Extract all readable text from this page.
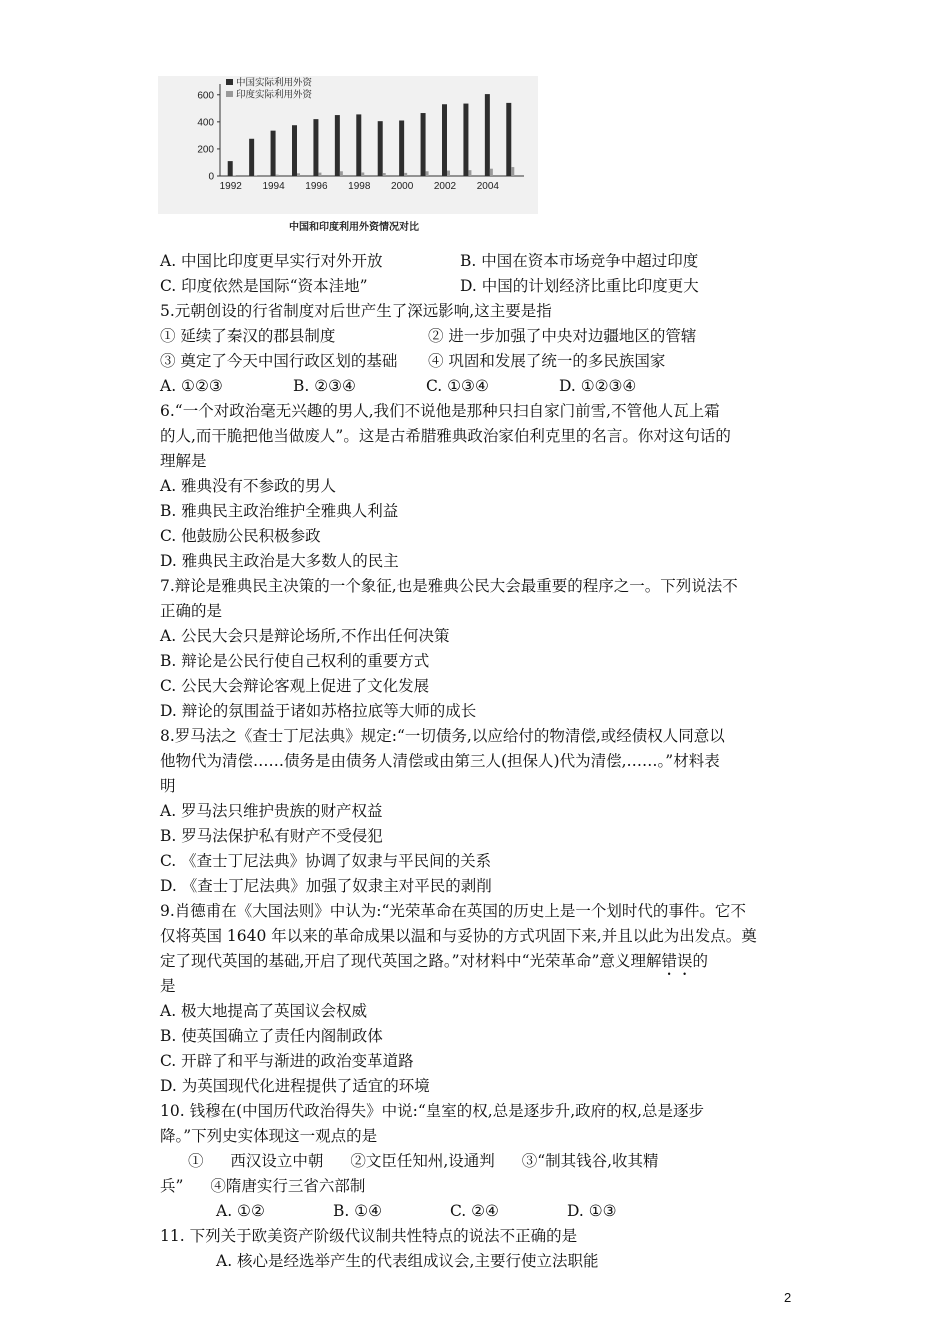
0
200
400
600
1992 1994 1996 1998 2000 2002 2004
中国实际利用外资
印度实际利用外资
中国和印度利用外资情况对比
A. 中国比印度更早实行对外开放	B. 中国在资本市场竞争中超过印度
C. 印度依然是国际“资本洼地”	D. 中国的计划经济比重比印度更大
5.元朝创设的行省制度对后世产生了深远影响,这主要是指
① 延续了秦汉的郡县制度	② 进一步加强了中央对边疆地区的管辖
③ 奠定了今天中国行政区划的基础	④ 巩固和发展了统一的多民族国家
A. ①②③	B. ②③④	C. ①③④	D. ①②③④
6.“一个对政治毫无兴趣的男人,我们不说他是那种只扫自家门前雪,不管他人瓦上霜
的人,而干脆把他当做废人”。这是古希腊雅典政治家伯利克里的名言。你对这句话的
理解是
A. 雅典没有不参政的男人
B. 雅典民主政治维护全雅典人利益
C. 他鼓励公民积极参政
D. 雅典民主政治是大多数人的民主
7.辩论是雅典民主决策的一个象征,也是雅典公民大会最重要的程序之一。下列说法不
正确的是
A. 公民大会只是辩论场所,不作出任何决策
B. 辩论是公民行使自己权利的重要方式
C. 公民大会辩论客观上促进了文化发展
D. 辩论的氛围益于诸如苏格拉底等大师的成长
8.罗马法之《查士丁尼法典》规定:“一切债务,以应给付的物清偿,或经债权人同意以
他物代为清偿……债务是由债务人清偿或由第三人(担保人)代为清偿,……。”材料表
明
A. 罗马法只维护贵族的财产权益
B. 罗马法保护私有财产不受侵犯
C. 《查士丁尼法典》协调了奴隶与平民间的关系
D. 《查士丁尼法典》加强了奴隶主对平民的剥削
9.肖德甫在《大国法则》中认为:“光荣革命在英国的历史上是一个划时代的事件。它不
仅将英国 1640 年以来的革命成果以温和与妥协的方式巩固下来,并且以此为出发点。奠
定了现代英国的基础,开启了现代英国之路。”对材料中“光荣革命”意义理解错误的
是
A. 极大地提高了英国议会权威
B. 使英国确立了责任内阁制政体
C. 开辟了和平与渐进的政治变革道路
D. 为英国现代化进程提供了适宜的环境
10. 钱穆在(中国历代政治得失》中说:“皇室的权,总是逐步升,政府的权,总是逐步
降。”下列史实体现这一观点的是
① 西汉设立中朝 ②文臣任知州,设通判 ③“制其钱谷,收其精
兵” ④隋唐实行三省六部制
A. ①②	B. ①④	C. ②④	D. ①③
11. 下列关于欧美资产阶级代议制共性特点的说法不正确的是
A. 核心是经选举产生的代表组成议会,主要行使立法职能
2
